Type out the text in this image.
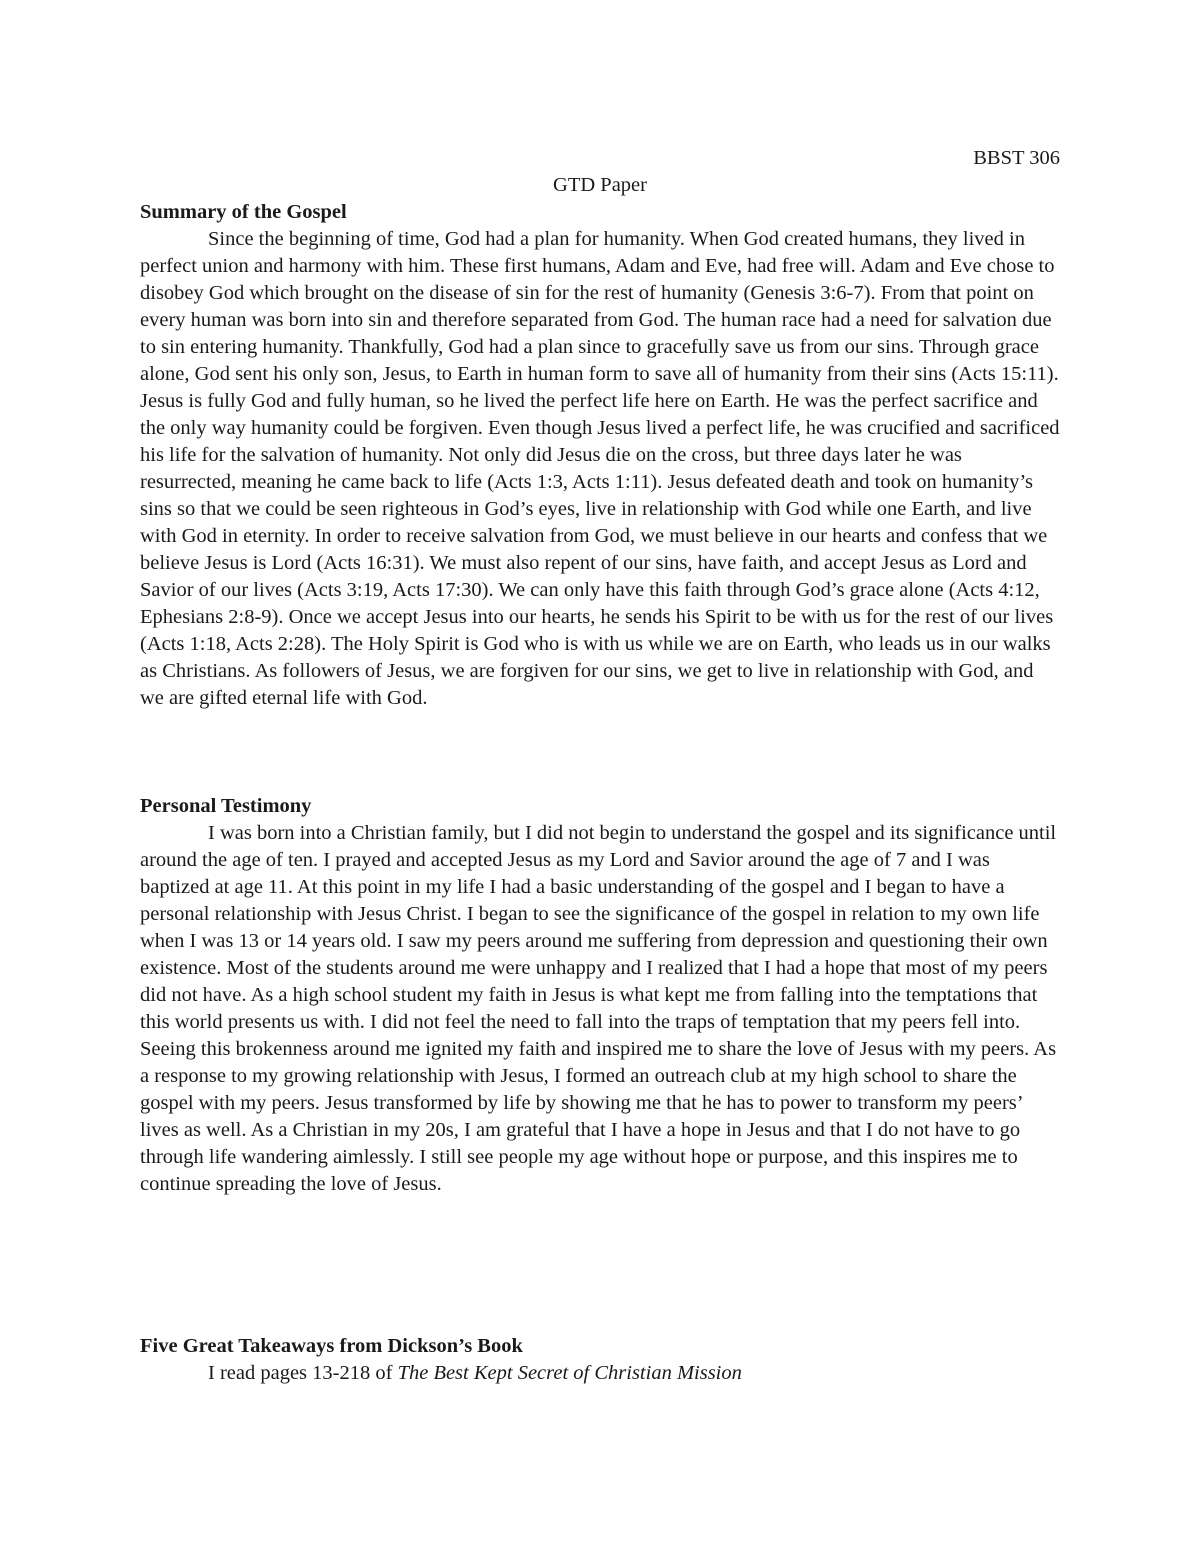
BBST 306
GTD Paper

Summary of the Gospel

Since the beginning of time, God had a plan for humanity. When God created humans, they lived in perfect union and harmony with him. These first humans, Adam and Eve, had free will. Adam and Eve chose to disobey God which brought on the disease of sin for the rest of humanity (Genesis 3:6-7). From that point on every human was born into sin and therefore separated from God. The human race had a need for salvation due to sin entering humanity. Thankfully, God had a plan since to gracefully save us from our sins. Through grace alone, God sent his only son, Jesus, to Earth in human form to save all of humanity from their sins (Acts 15:11). Jesus is fully God and fully human, so he lived the perfect life here on Earth. He was the perfect sacrifice and the only way humanity could be forgiven. Even though Jesus lived a perfect life, he was crucified and sacrificed his life for the salvation of humanity. Not only did Jesus die on the cross, but three days later he was resurrected, meaning he came back to life (Acts 1:3, Acts 1:11). Jesus defeated death and took on humanity’s sins so that we could be seen righteous in God’s eyes, live in relationship with God while one Earth, and live with God in eternity. In order to receive salvation from God, we must believe in our hearts and confess that we believe Jesus is Lord (Acts 16:31). We must also repent of our sins, have faith, and accept Jesus as Lord and Savior of our lives (Acts 3:19, Acts 17:30). We can only have this faith through God’s grace alone (Acts 4:12, Ephesians 2:8-9). Once we accept Jesus into our hearts, he sends his Spirit to be with us for the rest of our lives (Acts 1:18, Acts 2:28). The Holy Spirit is God who is with us while we are on Earth, who leads us in our walks as Christians. As followers of Jesus, we are forgiven for our sins, we get to live in relationship with God, and we are gifted eternal life with God.

Personal Testimony

I was born into a Christian family, but I did not begin to understand the gospel and its significance until around the age of ten. I prayed and accepted Jesus as my Lord and Savior around the age of 7 and I was baptized at age 11. At this point in my life I had a basic understanding of the gospel and I began to have a personal relationship with Jesus Christ. I began to see the significance of the gospel in relation to my own life when I was 13 or 14 years old. I saw my peers around me suffering from depression and questioning their own existence. Most of the students around me were unhappy and I realized that I had a hope that most of my peers did not have. As a high school student my faith in Jesus is what kept me from falling into the temptations that this world presents us with. I did not feel the need to fall into the traps of temptation that my peers fell into. Seeing this brokenness around me ignited my faith and inspired me to share the love of Jesus with my peers. As a response to my growing relationship with Jesus, I formed an outreach club at my high school to share the gospel with my peers. Jesus transformed by life by showing me that he has to power to transform my peers’ lives as well. As a Christian in my 20s, I am grateful that I have a hope in Jesus and that I do not have to go through life wandering aimlessly. I still see people my age without hope or purpose, and this inspires me to continue spreading the love of Jesus.

Five Great Takeaways from Dickson’s Book

I read pages 13-218 of The Best Kept Secret of Christian Mission
